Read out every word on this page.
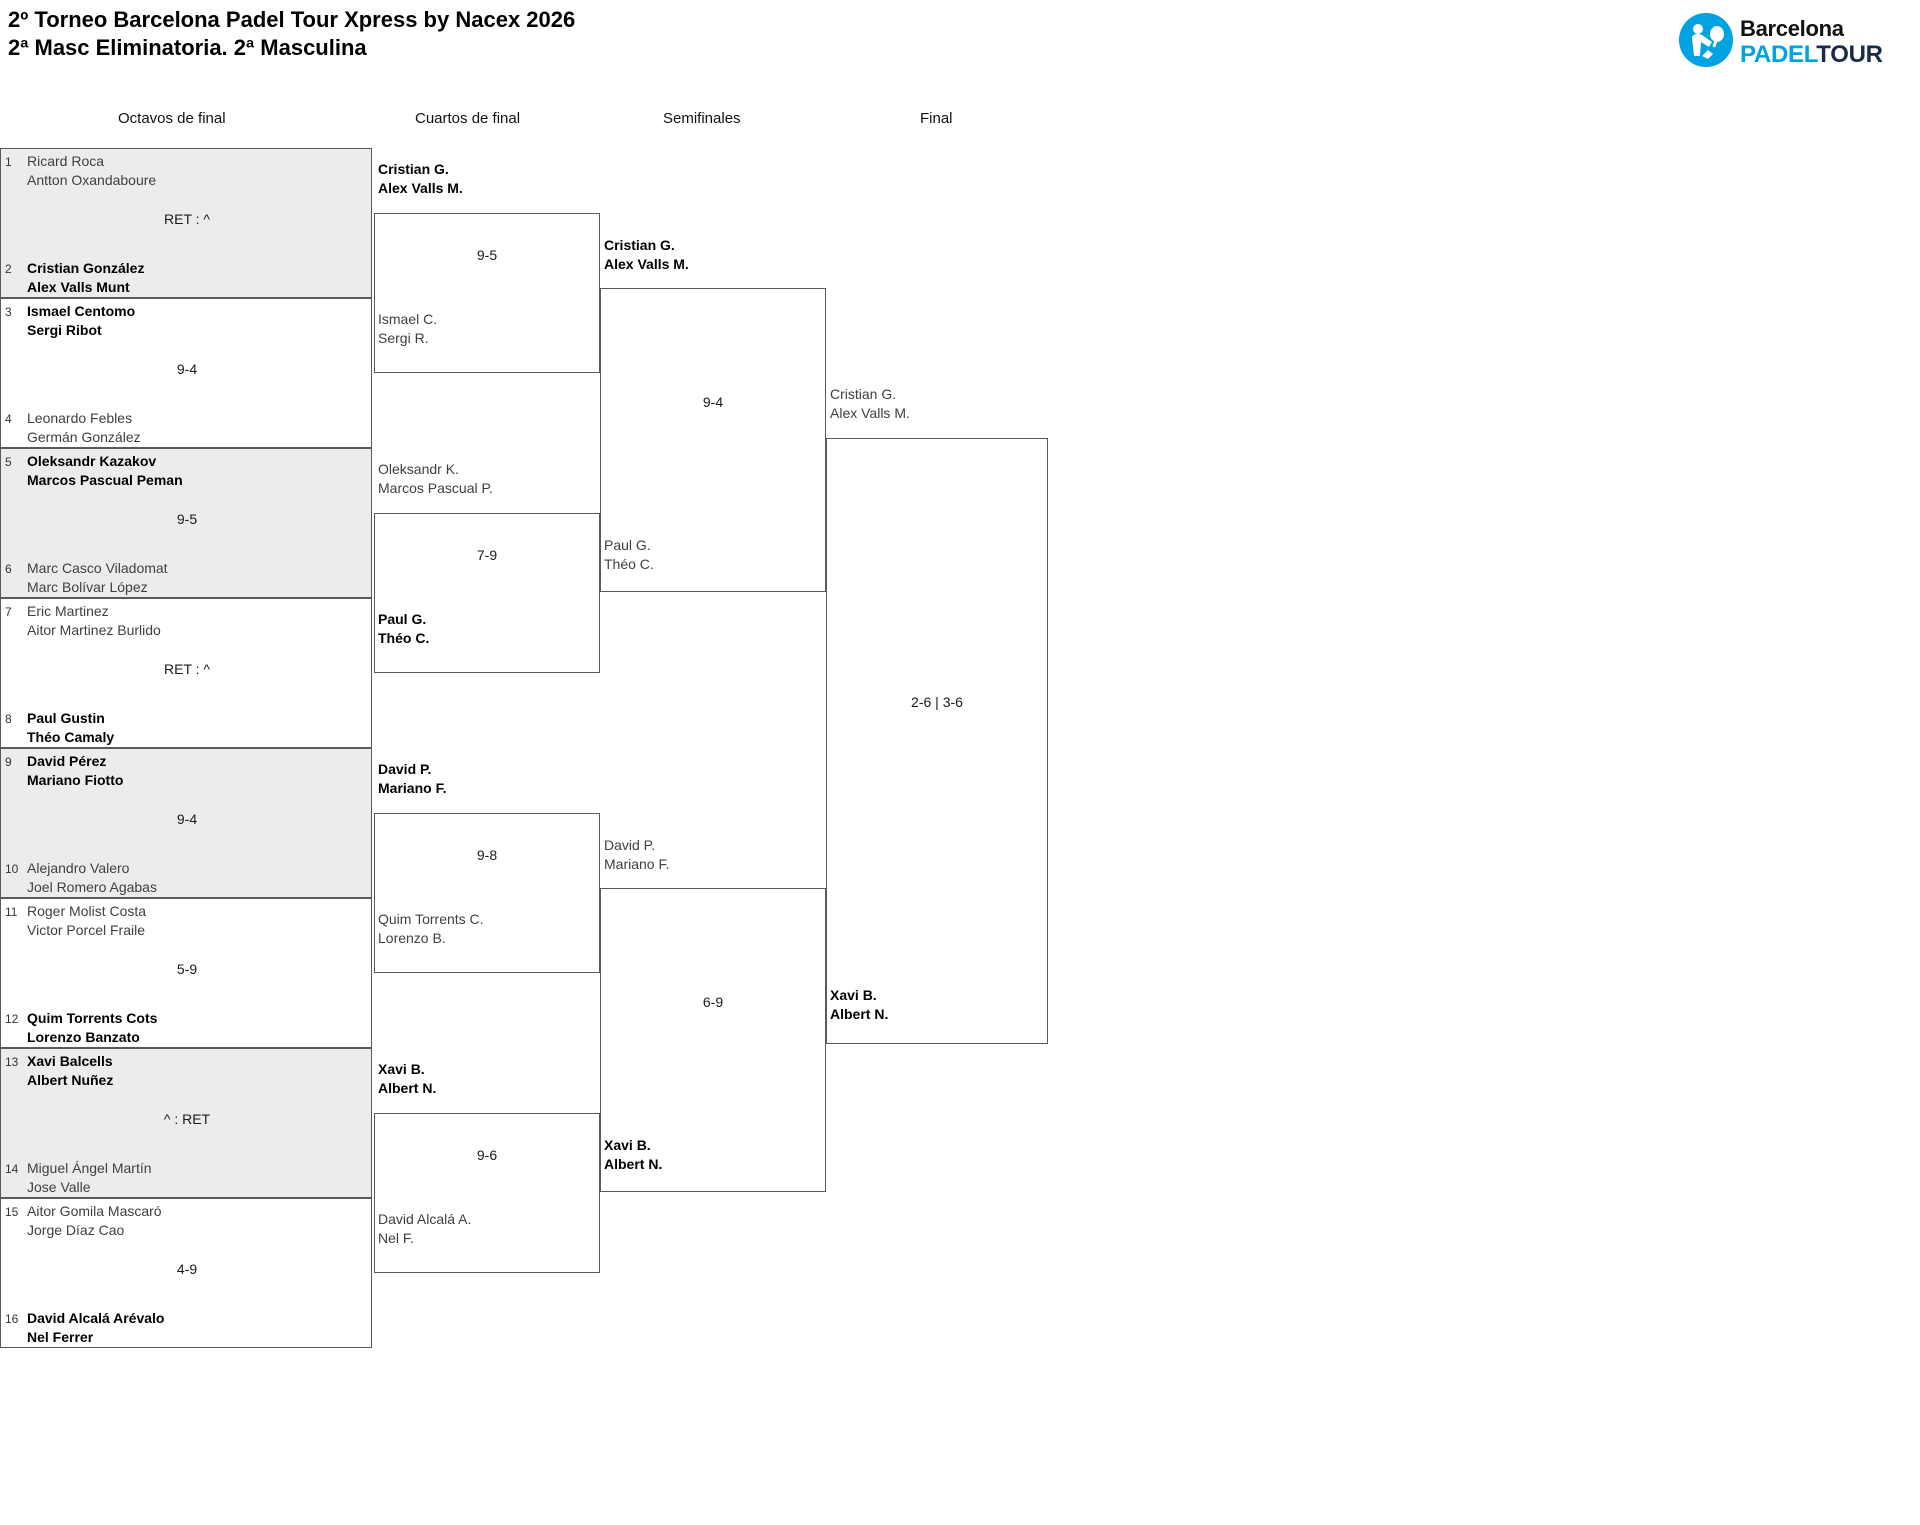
2º Torneo Barcelona Padel Tour Xpress by Nacex 2026
2ª Masc Eliminatoria. 2ª Masculina
Barcelona
PADELTOUR
Octavos de final	Cuartos de final	Semifinales	Final
1 Ricard Roca
Antton Oxandaboure
RET : ^
2 Cristian González
Alex Valls Munt
3 Ismael Centomo
Sergi Ribot
9-4
4 Leonardo Febles
Germán González
5 Oleksandr Kazakov
Marcos Pascual Peman
9-5
6 Marc Casco Viladomat
Marc Bolívar López
7 Eric Martinez
Aitor Martinez Burlido
RET : ^
8 Paul Gustin
Théo Camaly
9 David Pérez
Mariano Fiotto
9-4
10 Alejandro Valero
Joel Romero Agabas
11 Roger Molist Costa
Victor Porcel Fraile
5-9
12 Quim Torrents Cots
Lorenzo Banzato
13 Xavi Balcells
Albert Nuñez
^ : RET
14 Miguel Ángel Martín
Jose Valle
15 Aitor Gomila Mascaró
Jorge Díaz Cao
4-9
16 David Alcalá Arévalo
Nel Ferrer
Cristian G.
Alex Valls M.
9-5
Ismael C.
Sergi R.
Oleksandr K.
Marcos Pascual P.
7-9
Paul G.
Théo C.
David P.
Mariano F.
9-8
Quim Torrents C.
Lorenzo B.
Xavi B.
Albert N.
9-6
David Alcalá A.
Nel F.
Cristian G.
Alex Valls M.
9-4
Paul G.
Théo C.
David P.
Mariano F.
6-9
Xavi B.
Albert N.
Cristian G.
Alex Valls M.
2-6 | 3-6
Xavi B.
Albert N.
